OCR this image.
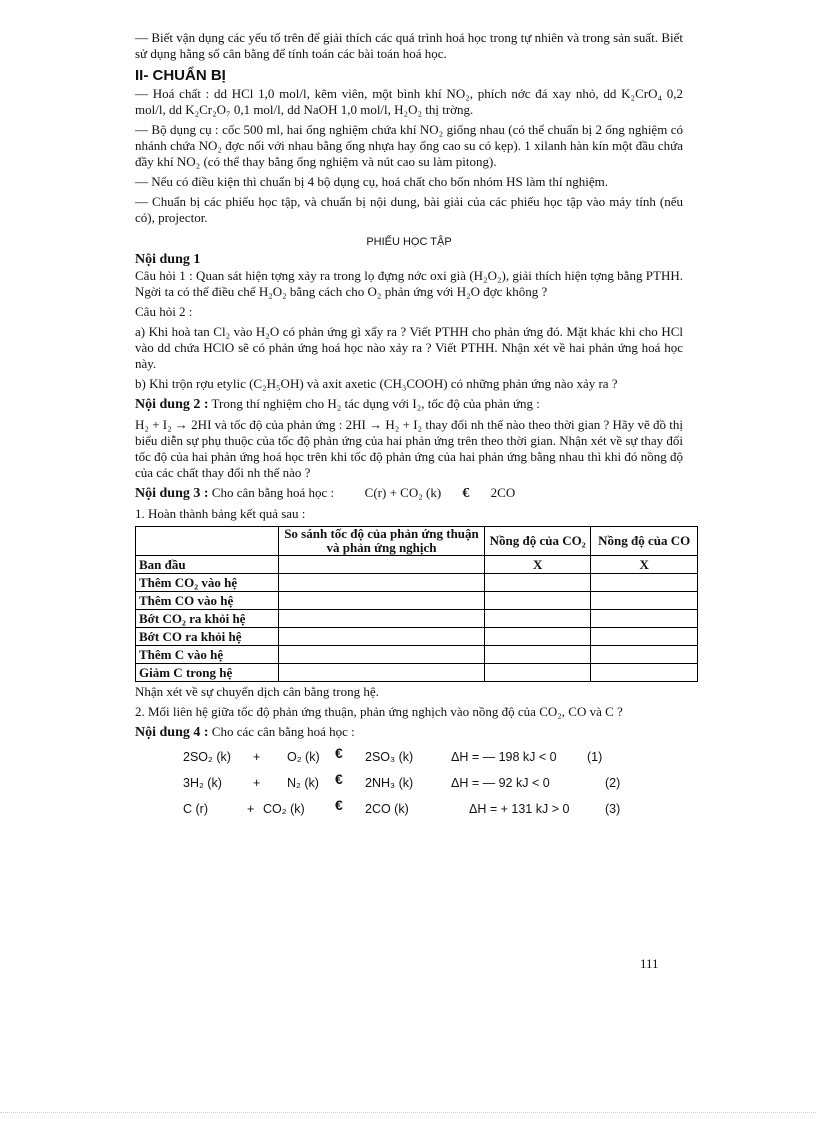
— Biết vận dụng các yếu tố trên để giải thích các quá trình hoá học trong tự nhiên và trong sản suất. Biết sử dụng hằng số cân bằng để tính toán các bài toán hoá học.

II- CHUẨN BỊ

— Hoá chất : dd HCl 1,0 mol/l, kẽm viên, một bình khí NO₂, phích nớc đá xay nhỏ, dd K₂CrO₄ 0,2 mol/l, dd K₂Cr₂O₇ 0,1 mol/l, dd NaOH 1,0 mol/l, H₂O₂ thị trờng.

— Bộ dụng cụ : cốc 500 ml, hai ống nghiệm chứa khí NO₂ giống nhau (có thể chuẩn bị 2 ống nghiệm có nhánh chứa NO₂ đợc nối với nhau bằng ống nhựa hay ống cao su có kẹp). 1 xilanh hàn kín một đầu chứa đầy khí NO₂ (có thể thay bằng ống nghiệm và nút cao su làm pitong).

— Nếu có điều kiện thì chuẩn bị 4 bộ dụng cụ, hoá chất cho bốn nhóm HS làm thí nghiệm.

— Chuẩn bị các phiếu học tập, và chuẩn bị nội dung, bài giải của các phiếu học tập vào máy tính (nếu có), projector.

PHIẾU HỌC TẬP
Nội dung 1

Câu hỏi 1 : Quan sát hiện tợng xảy ra trong lọ đựng nớc oxi già (H₂O₂), giải thích hiện tợng bằng PTHH. Ngời ta có thể điều chế H₂O₂ bằng cách cho O₂ phản ứng với H₂O đợc không ?

Câu hỏi 2 :

a) Khi hoà tan Cl₂ vào H₂O có phản ứng gì xẩy ra ? Viết PTHH cho phản ứng đó. Mặt khác khi cho HCl vào dd chứa HClO sẽ có phản ứng hoá học nào xảy ra ? Viết PTHH. Nhận xét về hai phản ứng hoá học này.

b) Khi trộn rợu etylic (C₂H₅OH) và axit axetic (CH₃COOH) có những phản ứng nào xảy ra ?

Nội dung 2 : Trong thí nghiệm cho H₂ tác dụng với I₂, tốc độ của phản ứng :

H₂ + I₂ → 2HI và tốc độ của phản ứng : 2HI → H₂ + I₂ thay đổi nh thế nào theo thời gian ? Hãy vẽ đồ thị biểu diễn sự phụ thuộc của tốc độ phản ứng của hai phản ứng trên theo thời gian. Nhận xét về sự thay đổi tốc độ của hai phản ứng hoá học trên khi tốc độ phản ứng của hai phản ứng bằng nhau thì khi đó nồng độ của các chất thay đổi nh thế nào ?

Nội dung 3 : Cho cân bằng hoá học : C(r) + CO₂ (k) € 2CO

1. Hoàn thành bảng kết quả sau :

	So sánh tốc độ của phản ứng thuận và phản ứng nghịch	Nồng độ của CO₂	Nồng độ của CO
Ban đầu		X	X
Thêm CO₂ vào hệ			
Thêm CO vào hệ			
Bớt CO₂ ra khỏi hệ			
Bớt CO ra khỏi hệ			
Thêm C vào hệ			
Giảm C trong hệ			

Nhận xét về sự chuyển dịch cân bằng trong hệ.

2. Mối liên hệ giữa tốc độ phản ứng thuận, phản ứng nghịch vào nồng độ của CO₂, CO và C ?

Nội dung 4 : Cho các cân bằng hoá học :

2SO₂ (k) + O₂ (k) € 2SO₃ (k)	ΔH = — 198 kJ < 0 (1)
3H₂ (k) + N₂ (k) € 2NH₃ (k)	ΔH = — 92 kJ < 0	(2)
C (r)	+ CO₂ (k) € 2CO (k)	ΔH = + 131 kJ > 0	(3)
111
